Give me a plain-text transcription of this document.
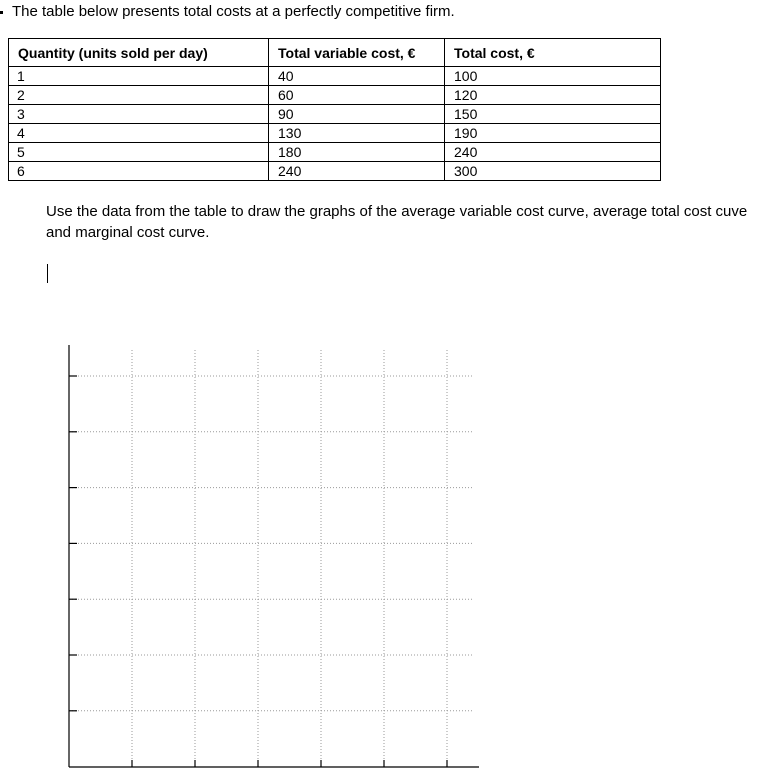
The table below presents total costs at a perfectly competitive firm.
Quantity (units sold per day)	Total variable cost, €	Total cost, €
1	40	100
2	60	120
3	90	150
4	130	190
5	180	240
6	240	300
Use the data from the table to draw the graphs of the average variable cost curve, average total cost cuve and marginal cost curve.
